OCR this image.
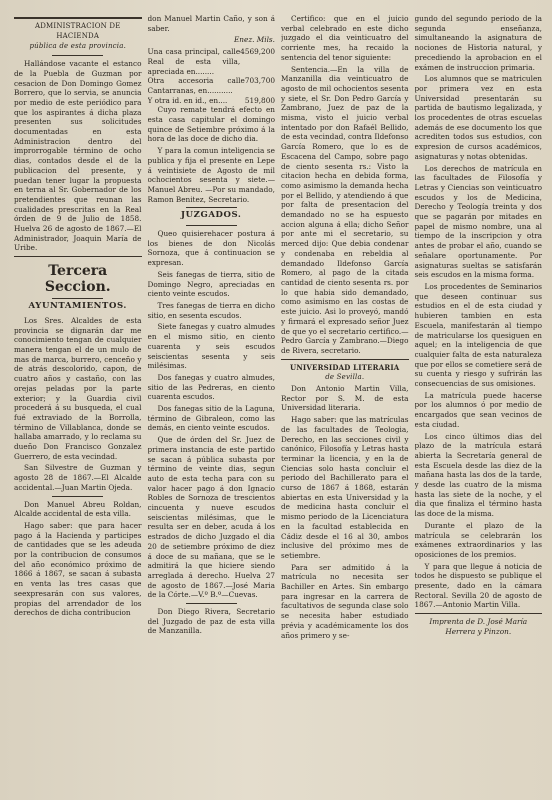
ADMINISTRACION DE HACIENDA
pública de esta provincia.

Hallándose vacante el estanco de la Puebla de Guzman por cesacion de Don Domingo Gomez Borrero, que lo servia, se anuncia por medio de este periódico para que los aspirantes á dicha plaza presenten sus solicitudes documentadas en esta Administracion dentro del improrrogable término de ocho dias, contados desde el de la publicacion del presente, y puedan tener lugar la propuesta en terna al Sr. Gobernador de los pretendientes que reunan las cualidades prescritas en la Real órden de 9 de Julio de 1858. Huelva 26 de agosto de 1867.—El Administrador, Joaquin María de Uribe.

Tercera Seccion.
AYUNTAMIENTOS.

Los Sres. Alcaldes de esta provincia se dignarán dar me conocimiento tengan de cualquier manera tengan el de un mulo de mas de marca, burrero, cenceño y de atrás descolorido, capon, de cuatro años y castaño, con las orejas peladas por la parte exterior; y la Guardia civil procederá á su busqueda, el cual fué extraviado de la Borrolla, término de Villablanca, donde se hallaba amarrado, y lo reclama su dueño Don Francisco Gonzalez Guerrero, de esta vecindad.

San Silvestre de Guzman y agosto 28 de 1867.—El Alcalde accidental.—Juan Martin Ojeda.

Don Manuel Abreu Roldan, Alcalde accidental de esta villa.

Hago saber: que para hacer pago á la Hacienda y participes de cantidades que se les adeuda por la contribucion de consumos del año económico próximo de 1866 á 1867, se sacan á subasta en venta las tres casas que seexpresarán con sus valores, propias del arrendador de los derechos de dicha contribucion

don Manuel Martin Caño, y son á saber.

Enez. Mils.
Una casa principal, calle Real de esta villa, apreciada en........
4569,200
Otra accesoria calle Cantarranas, en...........
703,700
Y otra id. en id., en.... 519,800

Cuyo remate tendrá efecto en esta casa capitular el domingo quince de Setiembre próximo á la hora de las doce de dicho dia.

Y para la comun inteligencia se publica y fija el presente en Lepe á veintisiete de Agosto de mil ochocientos sesenta y siete.—Manuel Abreu. —Por su mandado, Ramon Benitez, Secretario.

JUZGADOS.

Queo quisierehacer postura á los bienes de don Nicolás Sornoza, que á continuacion se expresan.

Seis fanegas de tierra, sitio de Domingo Negro, apreciadas en ciento veinte escudos.

Tres fanegas de tierra en dicho sitio, en sesenta escudos.

Siete fanegas y cuatro almudes en el mismo sitio, en ciento cuarenta y seis escudos seiscientas sesenta y seis milésimas.

Dos fanegas y cuatro almudes, sitio de las Pedreras, en ciento cuarenta escudos.

Dos fanegas sitio de la Laguna, término de Gibraleon, como las demás, en ciento veinte escudos.

Que de órden del Sr. Juez de primera instancia de este partido se sacan á pública subasta por término de veinte dias, segun auto de esta techa para con su valor hacer pago á don Ignacio Robles de Sornoza de trescientos cincuenta y nueve escudos seiscientas milésimas, que le resulta ser en deber, acuda á los estrados de dicho Juzgado el dia 20 de setiembre próximo de diez á doce de su mañana, que se le admitirá la que hiciere siendo arreglada á derecho. Huelva 27 de agosto de 1867.—José Maria de la Córte.—V.º B.º—Cuevas.

Don Diego Rivera, Secretario del Juzgado de paz de esta villa de Manzanilla.

Certifico: que en el juicio verbal celebrado en este dicho juzgado el dia veinticuatro del corriente mes, ha recaido la sentencia del tenor siguiente:

Sentencia.—En la villa de Manzanilla dia veinticuatro de agosto de mil ochocientos sesenta y siete, el Sr. Don Pedro García y Zambrano, Juez de paz de la misma, visto el juicio verbal intentado por don Rafaél Bellido, de esta vecindad, contra Ildefonso García Romero, que lo es de Escacena del Campo, sobre pago de ciento sesenta rs.: Visto la citacion hecha en debida forma, como asimismo la demanda hecha por el Bellido, y atendiendo á que por falta de presentacion del demandado no se ha espuesto accion alguna á ella; dicho Señor por ante mi el secretario, su merced dijo: Que debia condenar y condenaba en rebeldia al demandado Ildefonso García Romero, al pago de la citada cantidad de ciento sesenta rs. por lo que habia sido demandado, como asimismo en las costas de este juicio. Asi lo proveyó, mandó y firmará el expresado señor Juez de que yo el secretario certifico.—Pedro García y Zambrano.—Diego de Rivera, secretario.

UNIVERSIDAD LITERARIA
de Sevilla.

Don Antonio Martin Villa, Rector por S. M. de esta Universidad literaria.

Hago saber: que las matrículas de las facultades de Teologia, Derecho, en las secciones civil y canónico, Filosofía y Letras hasta terminar la licencia, y en la de Ciencias solo hasta concluir el periodo del Bachillerato para el curso de 1867 á 1868, estarán abiertas en esta Universidad y la de medicina hasta concluir el mismo periodo de la Licenciatura en la facultad establecida en Cádiz desde el 16 al 30, ambos inclusive del próximo mes de setiembre.

Para ser admitido á la matrícula no necesita ser Bachiller en Artes. Sin embargo para ingresar en la carrera de facultativos de segunda clase solo se necesita haber estudiado prévia y académicamente los dos años primero y se-

gundo del segundo periodo de la segunda enseñanza, simultaneando la asignatura de nociones de Historia natural, y precediendo la aprobacion en el exámen de instruccion primaria.

Los alumnos que se matriculen por primera vez en esta Universidad presentarán su partida de bautismo legalizada, y los procedentes de otras escuelas además de ese documento los que acrediten todos sus estudios, con expresion de cursos académicos, asignaturas y notas obtenidas.

Los derechos de matrícula en las facultades de Filosofía y Letras y Ciencias son veinticuatro escudos y los de Medicina, Derecho y Teología treinta y dos que se pagarán por mitades en papel de mismo nombre, una al tiempo de la inscripcion y otra antes de probar el año, cuando se señalare oportunamente. Por asignaturas sueltas se satisfarán seis escudos en la misma forma.

Los procedentes de Seminarios que deseen continuar sus estudios en el de esta ciudad y hubieren tambien en esta Escuela, manifestarán al tiempo de matricularse los quesiguen en aquel; en la inteligencia de que cualquier falta de esta naturaleza que por ellos se cometiere será de su cuenta y riesgo y sufrirán las consecuencias de sus omisiones.

La matrícula puede hacerse por los alumnos ó por medio de encargados que sean vecinos de esta ciudad.

Los cinco últimos dias del plazo de la matrícula estará abierta la Secretaría general de esta Escuela desde las diez de la mañana hasta las dos de la tarde, y desde las cuatro de la misma hasta las siete de la noche, y el dia que finaliza el término hasta las doce de la misma.

Durante el plazo de la matrícula se celebrarán los exámenes extraordinarios y las oposiciones de los premios.

Y para que llegue á noticia de todos he dispuesto se publique el presente, dado en la cámara Rectoral. Sevilla 20 de agosto de 1867.—Antonio Martin Villa.

Imprenta de D. José María Herrera y Pinzon.
